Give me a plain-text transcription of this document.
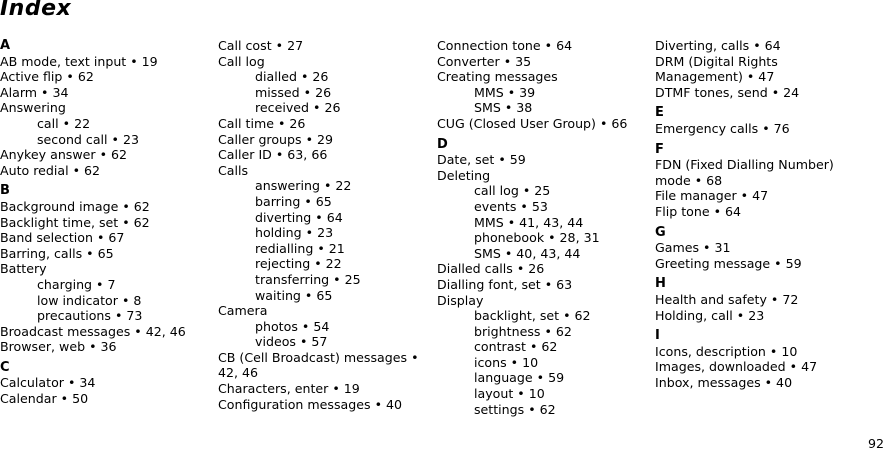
Index
A
AB mode, text input • 19
Active flip • 62
Alarm • 34
Answering
call • 22
second call • 23
Anykey answer • 62
Auto redial • 62
B
Background image • 62
Backlight time, set • 62
Band selection • 67
Barring, calls • 65
Battery
charging • 7
low indicator • 8
precautions • 73
Broadcast messages • 42, 46
Browser, web • 36
C
Calculator • 34
Calendar • 50
Call cost • 27
Call log
dialled • 26
missed • 26
received • 26
Call time • 26
Caller groups • 29
Caller ID • 63, 66
Calls
answering • 22
barring • 65
diverting • 64
holding • 23
redialling • 21
rejecting • 22
transferring • 25
waiting • 65
Camera
photos • 54
videos • 57
CB (Cell Broadcast) messages •
42, 46
Characters, enter • 19
Configuration messages • 40
Connection tone • 64
Converter • 35
Creating messages
MMS • 39
SMS • 38
CUG (Closed User Group) • 66
D
Date, set • 59
Deleting
call log • 25
events • 53
MMS • 41, 43, 44
phonebook • 28, 31
SMS • 40, 43, 44
Dialled calls • 26
Dialling font, set • 63
Display
backlight, set • 62
brightness • 62
contrast • 62
icons • 10
language • 59
layout • 10
settings • 62
Diverting, calls • 64
DRM (Digital Rights
Management) • 47
DTMF tones, send • 24
E
Emergency calls • 76
F
FDN (Fixed Dialling Number)
mode • 68
File manager • 47
Flip tone • 64
G
Games • 31
Greeting message • 59
H
Health and safety • 72
Holding, call • 23
I
Icons, description • 10
Images, downloaded • 47
Inbox, messages • 40
92
